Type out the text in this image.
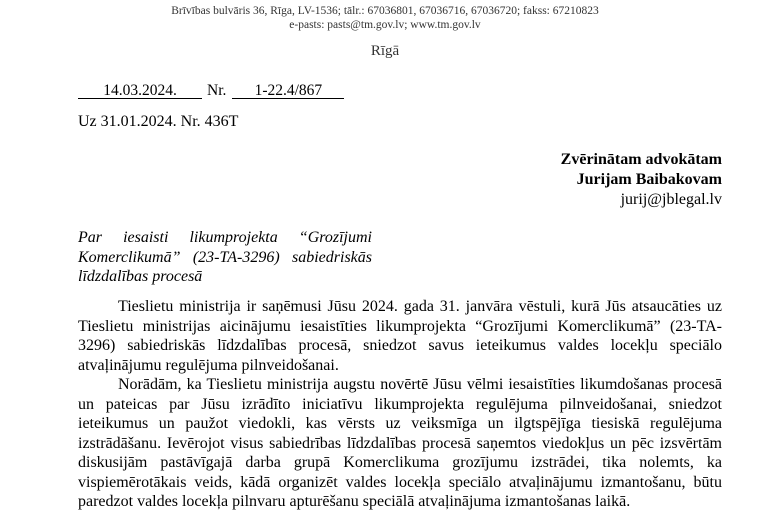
Brīvības bulvāris 36, Rīga, LV-1536; tālr.: 67036801, 67036716, 67036720; fakss: 67210823
e-pasts: pasts@tm.gov.lv; www.tm.gov.lv
Rīgā
14.03.2024. Nr. 1-22.4/867
Uz 31.01.2024. Nr. 436T
Zvērinātam advokātam
Jurijam Baibakovam
jurij@jblegal.lv
Par iesaisti likumprojekta “Grozījumi
Komerclikumā” (23-TA-3296) sabiedriskās
līdzdalības procesā
Tieslietu ministrija ir saņēmusi Jūsu 2024. gada 31. janvāra vēstuli, kurā Jūs atsaucāties uz
Tieslietu ministrijas aicinājumu iesaistīties likumprojekta “Grozījumi Komerclikumā” (23-TA-
3296) sabiedriskās līdzdalības procesā, sniedzot savus ieteikumus valdes locekļu speciālo
atvaļinājumu regulējuma pilnveidošanai.
Norādām, ka Tieslietu ministrija augstu novērtē Jūsu vēlmi iesaistīties likumdošanas procesā
un pateicas par Jūsu izrādīto iniciatīvu likumprojekta regulējuma pilnveidošanai, sniedzot
ieteikumus un paužot viedokli, kas vērsts uz veiksmīga un ilgtspējīga tiesiskā regulējuma
izstrādāšanu. Ievērojot visus sabiedrības līdzdalības procesā saņemtos viedokļus un pēc izsvērtām
diskusijām pastāvīgajā darba grupā Komerclikuma grozījumu izstrādei, tika nolemts, ka
vispiemērotākais veids, kādā organizēt valdes locekļa speciālo atvaļinājumu izmantošanu, būtu
paredzot valdes locekļa pilnvaru apturēšanu speciālā atvaļinājuma izmantošanas laikā.
